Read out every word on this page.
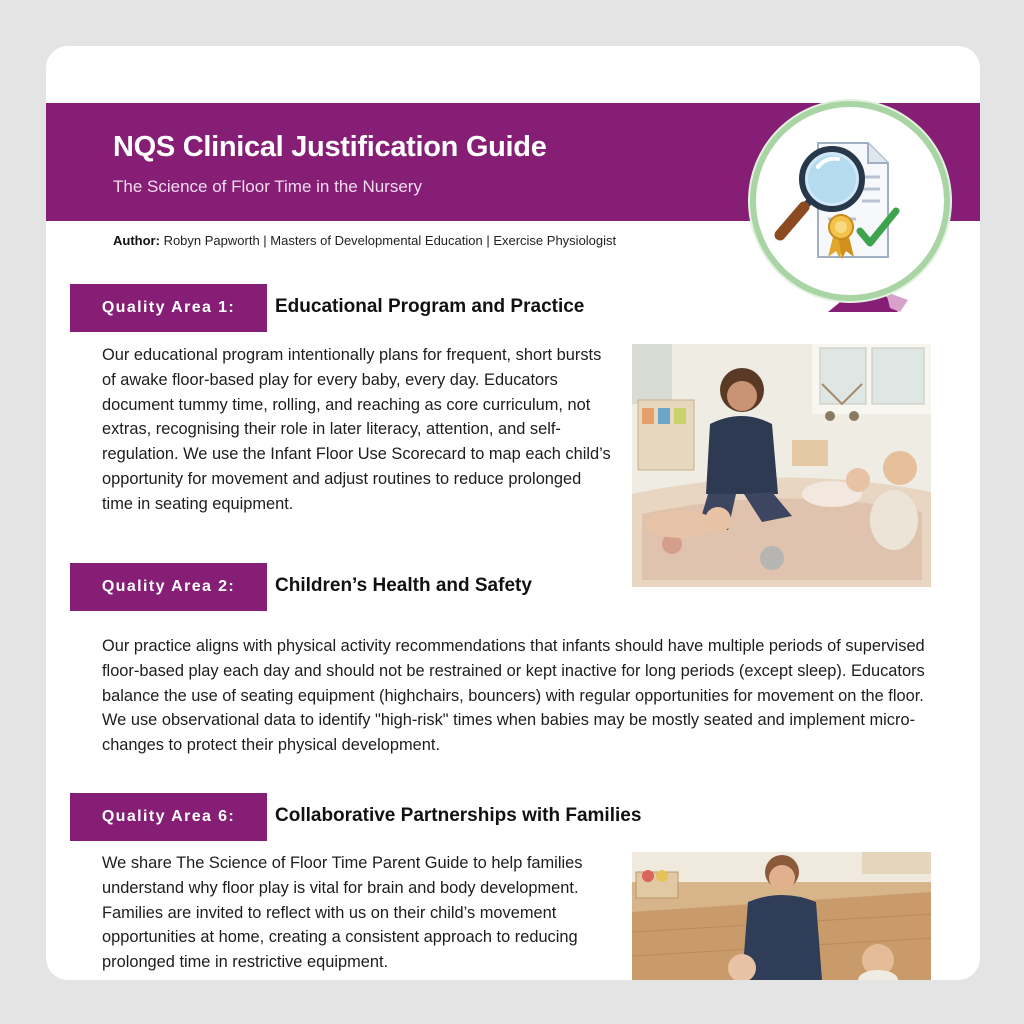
NQS Clinical Justification Guide
The Science of Floor Time in the Nursery
Author: Robyn Papworth | Masters of Developmental Education | Exercise Physiologist
Quality Area 1:	Educational Program and Practice
Our educational program intentionally plans for frequent, short bursts of awake floor-based play for every baby, every day. Educators document tummy time, rolling, and reaching as core curriculum, not extras, recognising their role in later literacy, attention, and self-regulation. We use the Infant Floor Use Scorecard to map each child’s opportunity for movement and adjust routines to reduce prolonged time in seating equipment.
Quality Area 2:	Children’s Health and Safety
Our practice aligns with physical activity recommendations that infants should have multiple periods of supervised floor-based play each day and should not be restrained or kept inactive for long periods (except sleep). Educators balance the use of seating equipment (highchairs, bouncers) with regular opportunities for movement on the floor. We use observational data to identify "high-risk" times when babies may be mostly seated and implement micro-changes to protect their physical development.
Quality Area 6:	Collaborative Partnerships with Families
We share The Science of Floor Time Parent Guide to help families understand why floor play is vital for brain and body development. Families are invited to reflect with us on their child’s movement opportunities at home, creating a consistent approach to reducing prolonged time in restrictive equipment.
